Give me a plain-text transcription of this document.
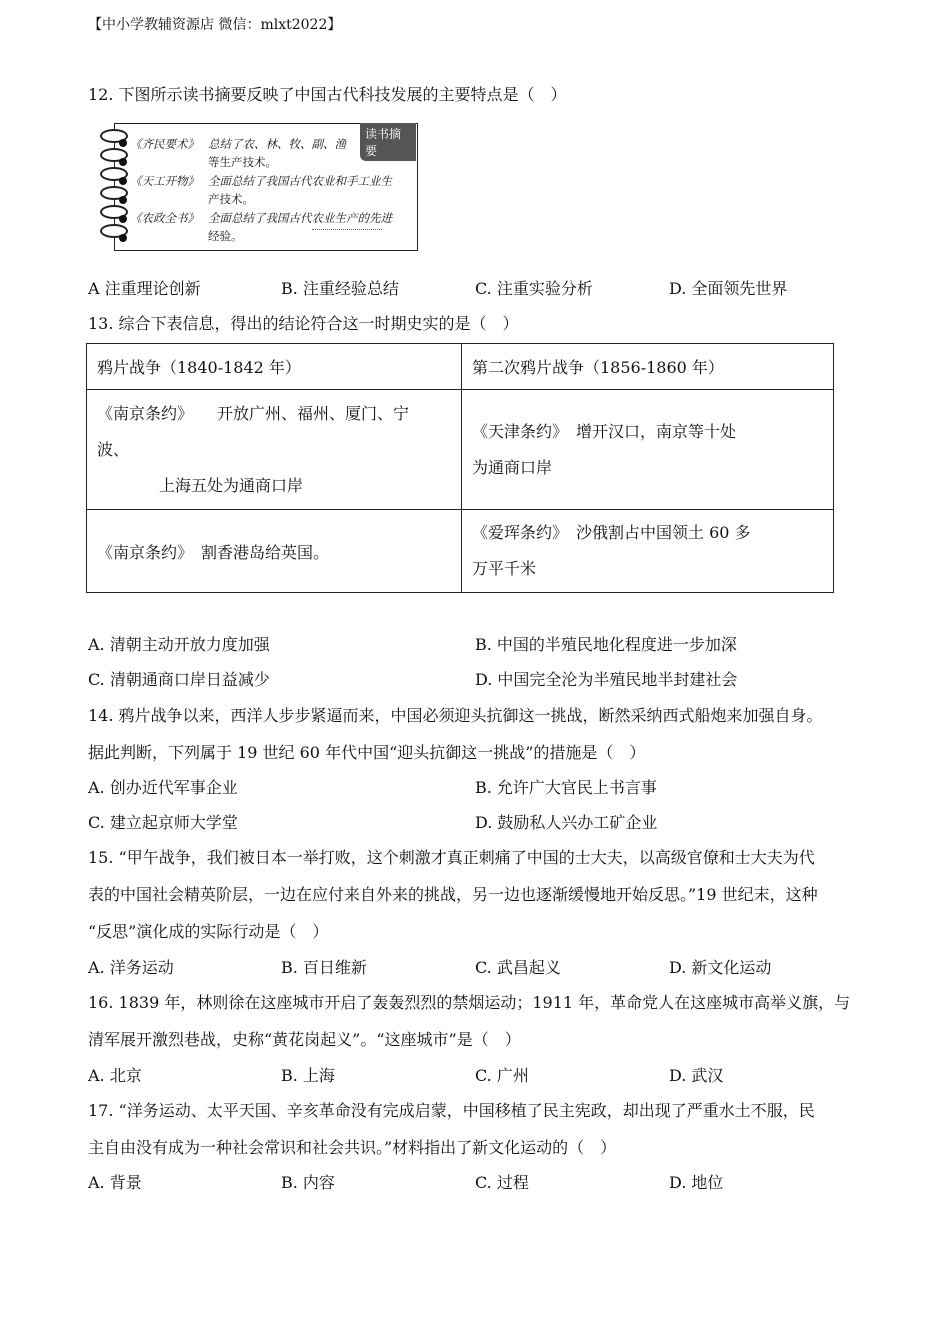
【中小学教辅资源店 微信：mlxt2022】
12. 下图所示读书摘要反映了中国古代科技发展的主要特点是（　）
读书摘要
《齐民要术》 总结了农、林、牧、副、渔
等生产技术。
《天工开物》 全面总结了我国古代农业和手工业生
产技术。
《农政全书》 全面总结了我国古代农业生产的先进
经验。
A 注重理论创新	B. 注重经验总结	C. 注重实验分析	D. 全面领先世界
13. 综合下表信息，得出的结论符合这一时期史实的是（　）
鸦片战争（1840-1842 年）	第二次鸦片战争（1856-1860 年）

《南京条约》　　开放广州、福州、厦门、宁
波、
上海五处为通商口岸	《天津条约》　增开汉口，南京等十处
为通商口岸

《南京条约》　割香港岛给英国。	《爱珲条约》　沙俄割占中国领土 60 多
万平千米
A. 清朝主动开放力度加强	B. 中国的半殖民地化程度进一步加深
C. 清朝通商口岸日益减少	D. 中国完全沦为半殖民地半封建社会
14. 鸦片战争以来，西洋人步步紧逼而来，中国必须迎头抗御这一挑战，断然采纳西式船炮来加强自身。
据此判断，下列属于 19 世纪 60 年代中国“迎头抗御这一挑战”的措施是（　）
A. 创办近代军事企业	B. 允许广大官民上书言事
C. 建立起京师大学堂	D. 鼓励私人兴办工矿企业
15. “甲午战争，我们被日本一举打败，这个刺激才真正刺痛了中国的士大夫，以高级官僚和士大夫为代
表的中国社会精英阶层，一边在应付来自外来的挑战，另一边也逐渐缓慢地开始反思。”19 世纪末，这种
“反思”演化成的实际行动是（　）
A. 洋务运动	B. 百日维新	C. 武昌起义	D. 新文化运动
16. 1839 年，林则徐在这座城市开启了轰轰烈烈的禁烟运动；1911 年，革命党人在这座城市高举义旗，与
清军展开激烈巷战，史称“黄花岗起义”。“这座城市”是（　）
A. 北京	B. 上海	C. 广州	D. 武汉
17. “洋务运动、太平天国、辛亥革命没有完成启蒙，中国移植了民主宪政，却出现了严重水土不服，民
主自由没有成为一种社会常识和社会共识。”材料指出了新文化运动的（　）
A. 背景	B. 内容	C. 过程	D. 地位
